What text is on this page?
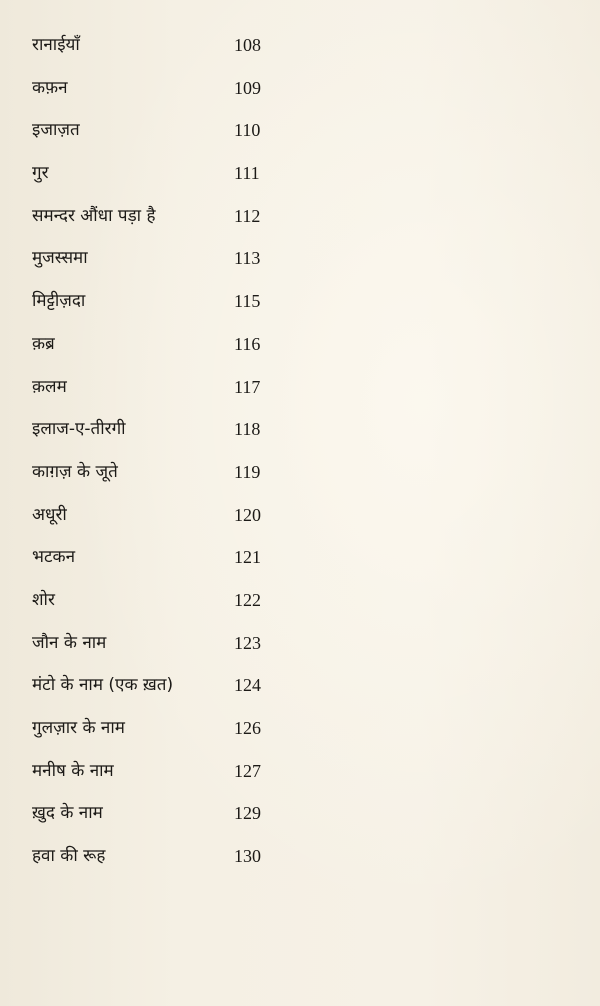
रानाईयाँ	108
कफ़न	109
इजाज़त	110
गुर	111
समन्दर औंधा पड़ा है	112
मुजस्समा	113
मिट्टीज़दा	115
क़ब्र	116
क़लम	117
इलाज-ए-तीरगी	118
काग़ज़ के जूते	119
अधूरी	120
भटकन	121
शोर	122
जौन के नाम	123
मंटो के नाम (एक ख़त)	124
गुलज़ार के नाम	126
मनीष के नाम	127
ख़ुद के नाम	129
हवा की रूह	130
